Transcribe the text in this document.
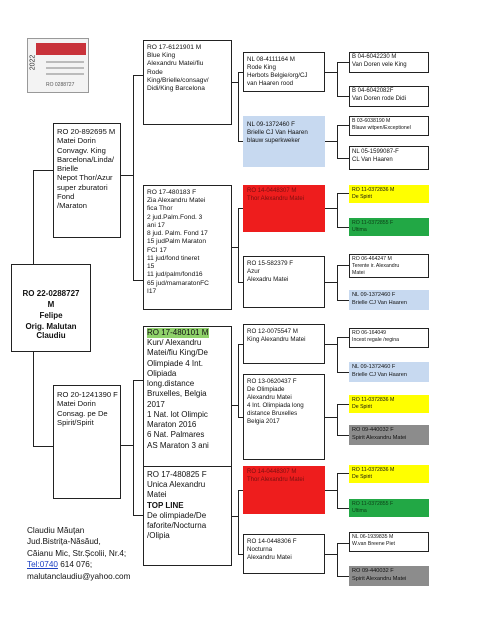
2022
RO 0288727
RO 22-0288727
M
Felipe
Orig. Malutan Claudiu
RO 20-892695 M
Matei Dorin
Convagv. King
Barcelona/Linda/
Brielle
Nepot Thor/Azur
super zburatori
Fond
/Maraton
RO 20-1241390 F
Matei Dorin
Consag. pe De
Spirit/Spirit
RO 17-6121901 M
Blue King
Alexandru Matei/fiu
Rode
King/Brielle/consagv/
Didi/King Barcelona
RO 17-480183 F
Zia Alexandru Matei
fica Thor
2 jud.Palm.Fond. 3
ani 17
8 jud. Palm. Fond 17
15 judPalm Maraton
FCI 17
11 jud/fond tineret
15
11 jud/palm/fond16
65 jud/mamaratonFC
I17
RO 17-480101 M
Kun/ Alexandru
Matei/fiu King/De
Olimpiade 4 Int.
Olipiada
long.distance
Bruxelles, Belgia
2017
1 Nat. lot Olimpic
Maraton 2016
6 Nat. Palmares
AS Maraton 3 ani
RO 17-480825 F
Unica Alexandru
Matei
TOP LINE
De olimpiade/De
faforite/Nocturna
/Olipia
NL 08-4111164 M
Rode King
Herbots Belgie/org/CJ
van Haaren rood
NL 09-1372460 F
Brielle CJ Van Haaren
blauw superkweker
RO 14-0448307 M
Thor Alexandru Matei
RO 15-582379 F
Azur
Alexadru Matei
RO 12-0075547 M
King Alexandru Matei
RO 13-0620437 F
De Olimpiade
Alexandru Matei
4 Int. Olimpiada long
distance Bruxelles
Belgia 2017
RO 14-0448307 M
Thor Alexandru Matei
RO 14-0448306 F
Nocturna
Alexandru Matei
B 04-6042230 M
Van Doren vele King
B 04-6042082F
Van Doren rode Didi
B 03-6038190 M
Blauw witpen/Exceptionel
NL 05-1599087-F
CL Van Haaren
RO 11-0372836 M
De Spirit
RO 11-0372855 F
Ultima
RO 06-464247 M
Terente ir. Alexandru
Matei
NL 09-1372460 F
Brielle CJ Van Haaren
RO 06-164049
Incest regale /regina
NL 09-1372460 F
Brielle CJ Van Haaren
RO 11-0372836 M
De Spirit
RO 09-440032 F
Spirit Alexandru Matei
RO 11-0372836 M
De Spirit
RO 11-0372855 F
Ultima
NL 06-1939835 M
W.van Breene Piet
RO 09-440032 F
Spirit Alexandru Matei
Claudiu Măuțan
Jud.Bistrița-Năsăud,
Căianu Mic, Str.Școlii, Nr.4;
Tel:0740 614 076;
malutanclaudiu@yahoo.com
